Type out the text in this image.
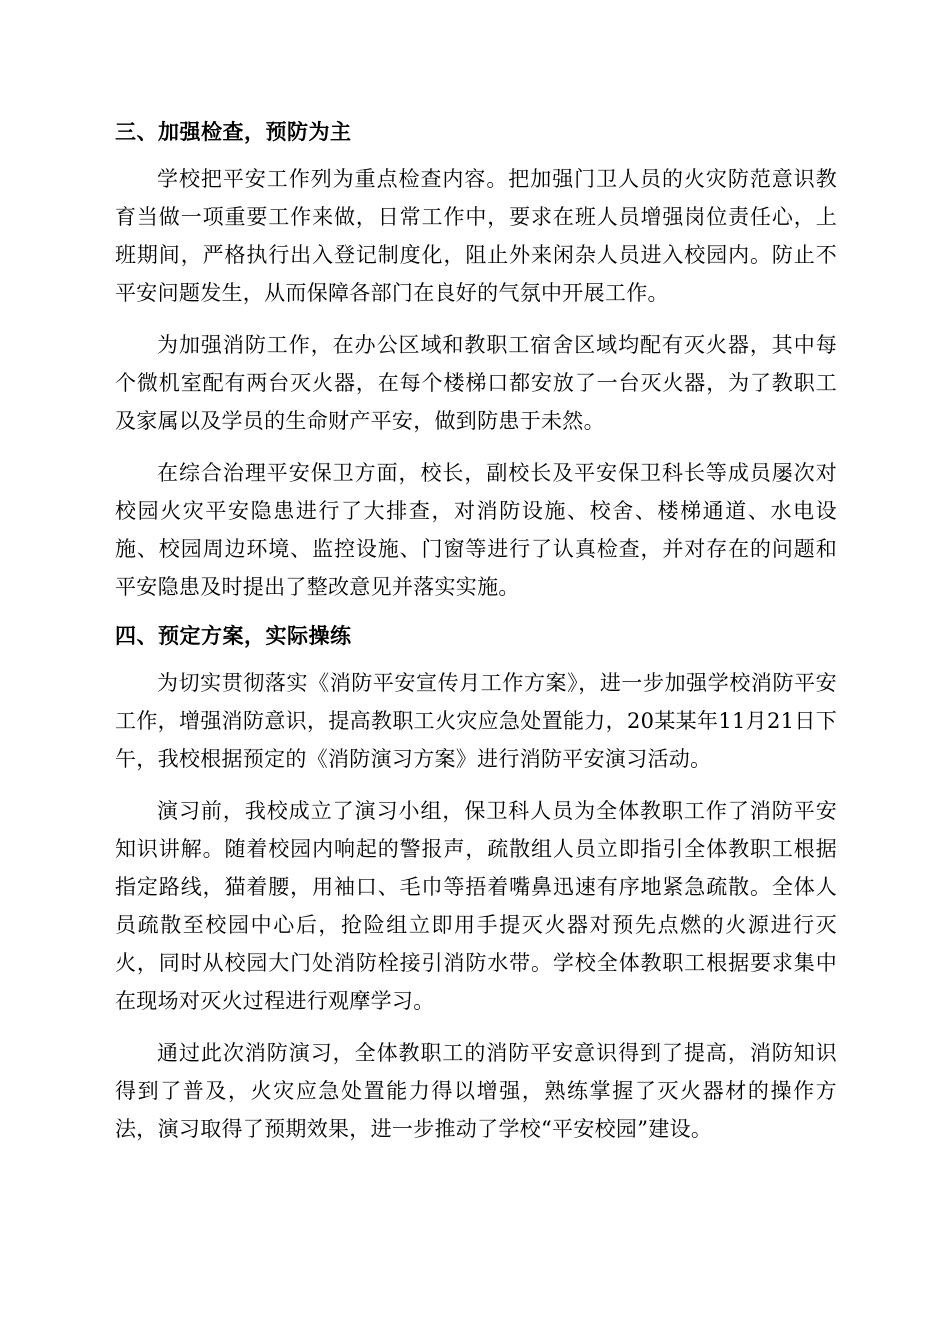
三、加强检查，预防为主

学校把平安工作列为重点检查内容。把加强门卫人员的火灾防范意识教育当做一项重要工作来做，日常工作中，要求在班人员增强岗位责任心，上班期间，严格执行出入登记制度化，阻止外来闲杂人员进入校园内。防止不平安问题发生，从而保障各部门在良好的气氛中开展工作。

为加强消防工作，在办公区域和教职工宿舍区域均配有灭火器，其中每个微机室配有两台灭火器，在每个楼梯口都安放了一台灭火器，为了教职工及家属以及学员的生命财产平安，做到防患于未然。

在综合治理平安保卫方面，校长，副校长及平安保卫科长等成员屡次对校园火灾平安隐患进行了大排查，对消防设施、校舍、楼梯通道、水电设施、校园周边环境、监控设施、门窗等进行了认真检查，并对存在的问题和平安隐患及时提出了整改意见并落实实施。

四、预定方案，实际操练

为切实贯彻落实《消防平安宣传月工作方案》，进一步加强学校消防平安工作，增强消防意识，提高教职工火灾应急处置能力，20某某年11月21日下午，我校根据预定的《消防演习方案》进行消防平安演习活动。

演习前，我校成立了演习小组，保卫科人员为全体教职工作了消防平安知识讲解。随着校园内响起的警报声，疏散组人员立即指引全体教职工根据指定路线，猫着腰，用袖口、毛巾等捂着嘴鼻迅速有序地紧急疏散。全体人员疏散至校园中心后，抢险组立即用手提灭火器对预先点燃的火源进行灭火，同时从校园大门处消防栓接引消防水带。学校全体教职工根据要求集中在现场对灭火过程进行观摩学习。

通过此次消防演习，全体教职工的消防平安意识得到了提高，消防知识得到了普及，火灾应急处置能力得以增强，熟练掌握了灭火器材的操作方法，演习取得了预期效果，进一步推动了学校“平安校园”建设。
